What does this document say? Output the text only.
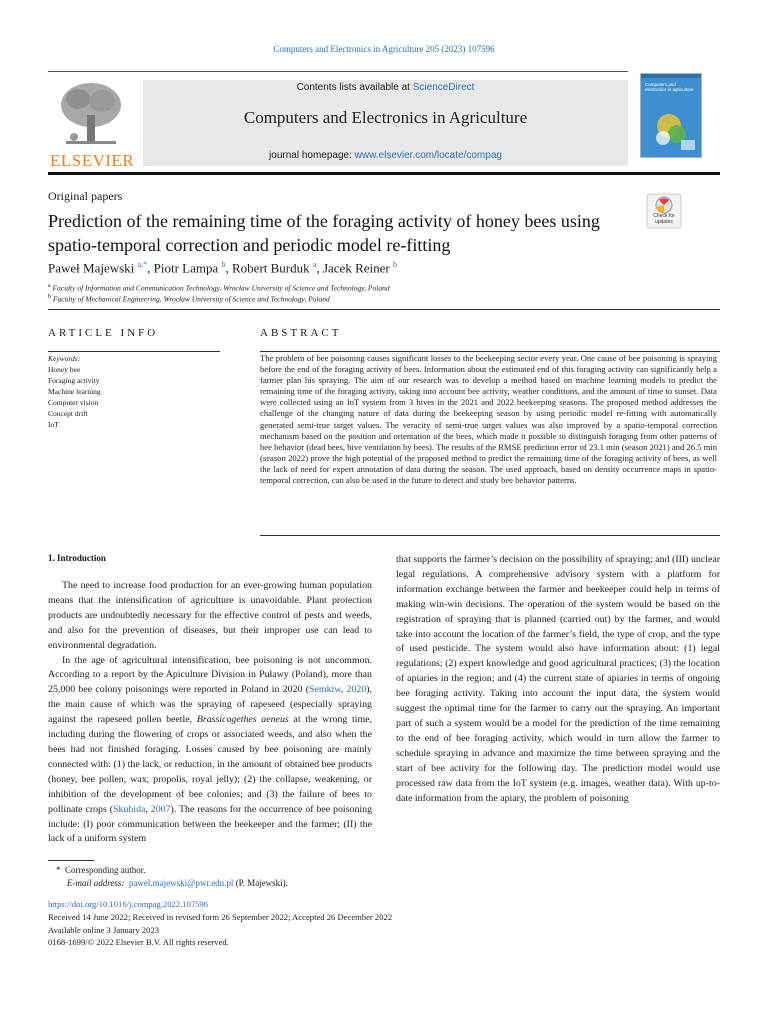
Computers and Electronics in Agriculture 205 (2023) 107596
ELSEVIER
Contents lists available at ScienceDirect
Computers and Electronics in Agriculture
journal homepage: www.elsevier.com/locate/compag
Computers and electronics in agriculture
Original papers
Prediction of the remaining time of the foraging activity of honey bees using spatio-temporal correction and periodic model re-fitting
Check for updates
Paweł Majewski $^{a,*}$, Piotr Lampa $^b$, Robert Burduk $^a$, Jacek Reiner $^b$
$^a$ Faculty of Information and Communication Technology, Wrocław University of Science and Technology, Poland
$^b$ Faculty of Mechanical Engineering, Wrocław University of Science and Technology, Poland
ARTICLE INFO
Keywords:
Honey bee
Foraging activity
Machine learning
Computer vision
Concept drift
IoT
ABSTRACT
The problem of bee poisoning causes significant losses to the beekeeping sector every year. One cause of bee poisoning is spraying before the end of the foraging activity of bees. Information about the estimated end of this foraging activity can significantly help a farmer plan his spraying. The aim of our research was to develop a method based on machine learning models to predict the remaining time of the foraging activity, taking into account bee activity, weather conditions, and the amount of time to sunset. Data were collected using an IoT system from 3 hives in the 2021 and 2022 beekeeping seasons. The proposed method addresses the challenge of the changing nature of data during the beekeeping season by using periodic model re-fitting with automatically generated semi-true target values. The veracity of semi-true target values was also improved by a spatio-temporal correction mechanism based on the position and orientation of the bees, which made it possible to distinguish foraging from other patterns of bee behavior (dead bees, hive ventilation by bees). The results of the RMSE prediction error of 23.1 min (season 2021) and 26.5 min (season 2022) prove the high potential of the proposed method to predict the remaining time of the foraging activity of bees, as well the lack of need for expert annotation of data during the season. The used approach, based on density occurrence maps in spatio-temporal correction, can also be used in the future to detect and study bee behavior patterns.
1. Introduction

The need to increase food production for an ever-growing human population means that the intensification of agriculture is unavoidable. Plant protection products are undoubtedly necessary for the effective control of pests and weeds, and also for the prevention of diseases, but their improper use can lead to environmental degradation.

In the age of agricultural intensification, bee poisoning is not uncommon. According to a report by the Apiculture Division in Puławy (Poland), more than 25,000 bee colony poisonings were reported in Poland in 2020 (Semkiw, 2020), the main cause of which was the spraying of rapeseed (especially spraying against the rapeseed pollen beetle, Brassicogethes aeneus at the wrong time, including during the flowering of crops or associated weeds, and also when the bees had not finished foraging. Losses caused by bee poisoning are mainly connected with: (1) the lack, or reduction, in the amount of obtained bee products (honey, bee pollen, wax, propolis, royal jelly); (2) the collapse, weakening, or inhibition of the development of bee colonies; and (3) the failure of bees to pollinate crops (Skubida, 2007). The reasons for the occurrence of bee poisoning include: (I) poor communication between the beekeeper and the farmer; (II) the lack of a uniform system

that supports the farmer’s decision on the possibility of spraying; and (III) unclear legal regulations. A comprehensive advisory system with a platform for information exchange between the farmer and beekeeper could help in terms of making win-win decisions. The operation of the system would be based on the registration of spraying that is planned (carried out) by the farmer, and would take into account the location of the farmer’s field, the type of crop, and the type of used pesticide. The system would also have information about: (1) legal regulations; (2) expert knowledge and good agricultural practices; (3) the location of apiaries in the region; and (4) the current state of apiaries in terms of ongoing bee foraging activity. Taking into account the input data, the system would suggest the optimal time for the farmer to carry out the spraying. An important part of such a system would be a model for the prediction of the time remaining to the end of bee foraging activity, which would in turn allow the farmer to schedule spraying in advance and maximize the time between spraying and the start of bee activity for the following day. The prediction model would use processed raw data from the IoT system (e.g. images, weather data). With up-to-date information from the apiary, the problem of poisoning

* Corresponding author.
E-mail address: pawel.majewski@pwr.edu.pl (P. Majewski).
https://doi.org/10.1016/j.compag.2022.107596
Received 14 June 2022; Received in revised form 26 September 2022; Accepted 26 December 2022
Available online 3 January 2023
0168-1699/© 2022 Elsevier B.V. All rights reserved.
